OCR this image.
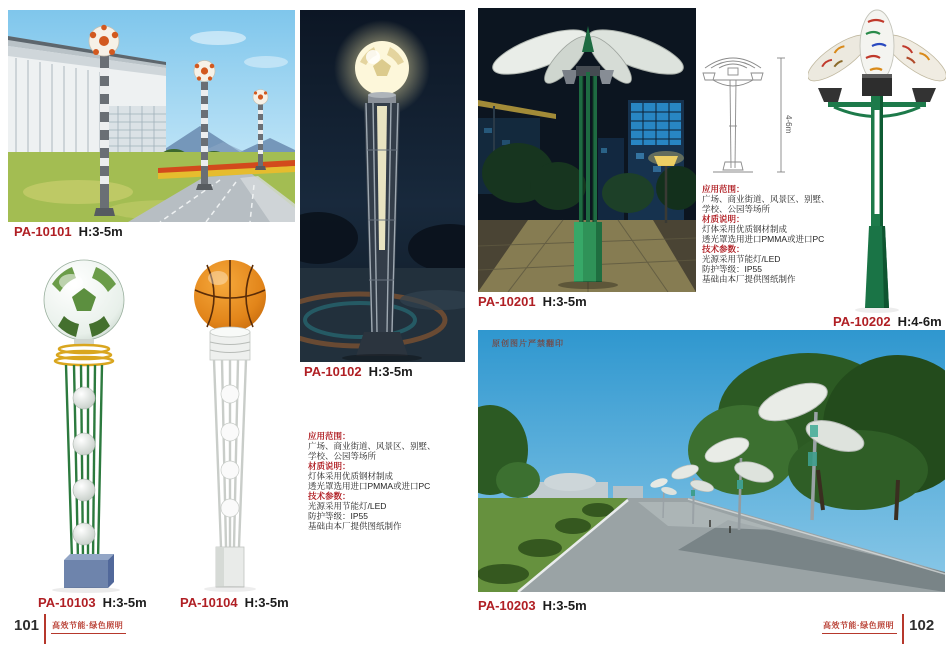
PA-10101 H:3-5m
PA-10103 H:3-5m	PA-10104 H:3-5m
PA-10102 H:3-5m
应用范围：
广场、商业街道、风景区、别墅、
学校、公园等场所
材质说明：
灯体采用优质钢材制成
透光罩选用进口PMMA或进口PC
技术参数：
光源采用节能灯/LED
防护等级：IP55
基础由本厂提供图纸制作
PA-10201 H:3-5m
4-6m
应用范围：
广场、商业街道、风景区、别墅、
学校、公园等场所
材质说明：
灯体采用优质钢材制成
透光罩选用进口PMMA或进口PC
技术参数：
光源采用节能灯/LED
防护等级：IP55
基础由本厂提供图纸制作
PA-10202 H:4-6m
原创图片严禁翻印
PA-10203 H:3-5m
101 高效节能·绿色照明	高效节能·绿色照明 102
